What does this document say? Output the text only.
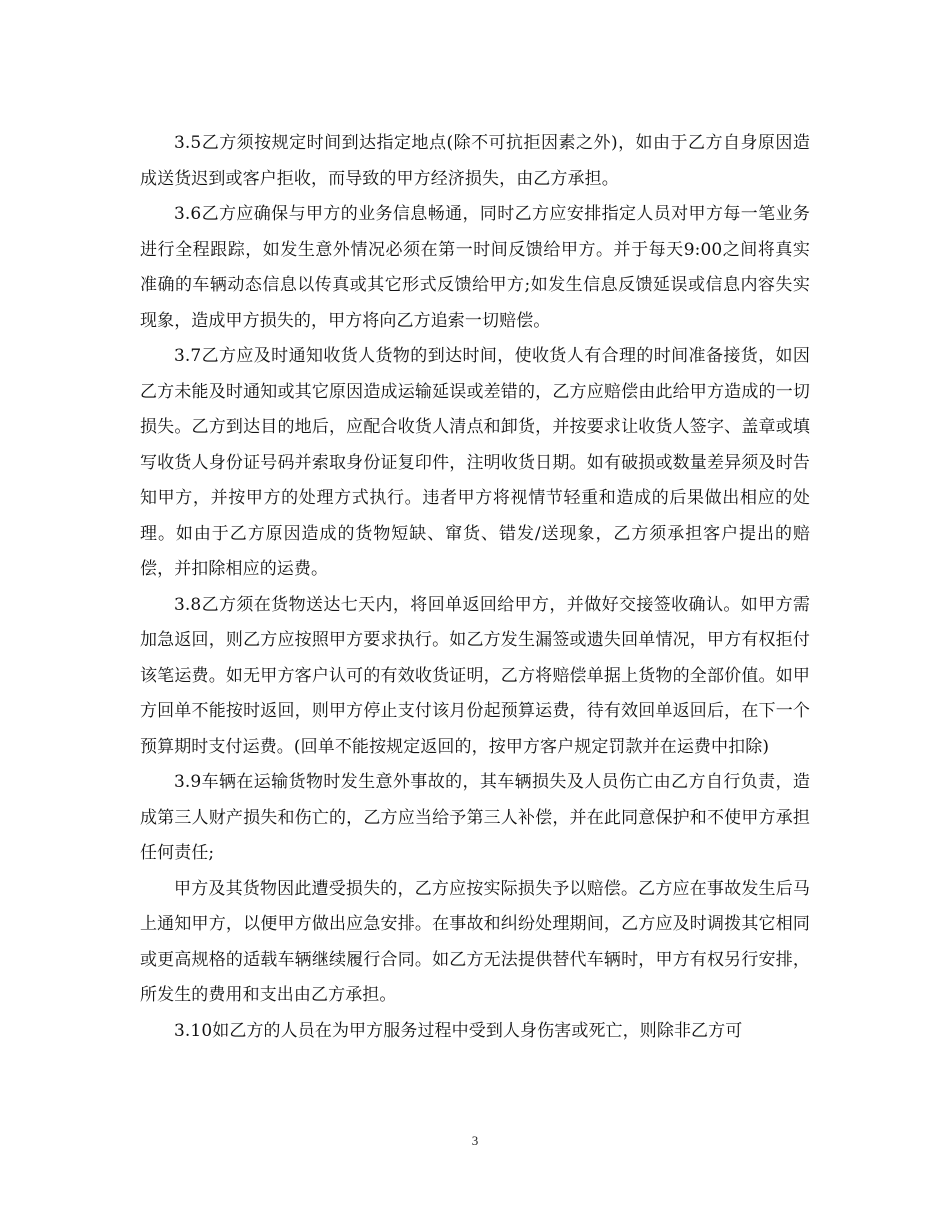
3.5乙方须按规定时间到达指定地点(除不可抗拒因素之外)，如由于乙方自身原因造成送货迟到或客户拒收，而导致的甲方经济损失，由乙方承担。

3.6乙方应确保与甲方的业务信息畅通，同时乙方应安排指定人员对甲方每一笔业务进行全程跟踪，如发生意外情况必须在第一时间反馈给甲方。并于每天9:00之间将真实准确的车辆动态信息以传真或其它形式反馈给甲方;如发生信息反馈延误或信息内容失实现象，造成甲方损失的，甲方将向乙方追索一切赔偿。

3.7乙方应及时通知收货人货物的到达时间，使收货人有合理的时间准备接货，如因乙方未能及时通知或其它原因造成运输延误或差错的，乙方应赔偿由此给甲方造成的一切损失。乙方到达目的地后，应配合收货人清点和卸货，并按要求让收货人签字、盖章或填写收货人身份证号码并索取身份证复印件，注明收货日期。如有破损或数量差异须及时告知甲方，并按甲方的处理方式执行。违者甲方将视情节轻重和造成的后果做出相应的处理。如由于乙方原因造成的货物短缺、窜货、错发/送现象，乙方须承担客户提出的赔偿，并扣除相应的运费。

3.8乙方须在货物送达七天内，将回单返回给甲方，并做好交接签收确认。如甲方需加急返回，则乙方应按照甲方要求执行。如乙方发生漏签或遗失回单情况，甲方有权拒付该笔运费。如无甲方客户认可的有效收货证明，乙方将赔偿单据上货物的全部价值。如甲方回单不能按时返回，则甲方停止支付该月份起预算运费，待有效回单返回后，在下一个预算期时支付运费。(回单不能按规定返回的，按甲方客户规定罚款并在运费中扣除)

3.9车辆在运输货物时发生意外事故的，其车辆损失及人员伤亡由乙方自行负责，造成第三人财产损失和伤亡的，乙方应当给予第三人补偿，并在此同意保护和不使甲方承担任何责任;

甲方及其货物因此遭受损失的，乙方应按实际损失予以赔偿。乙方应在事故发生后马上通知甲方，以便甲方做出应急安排。在事故和纠纷处理期间，乙方应及时调拨其它相同或更高规格的适载车辆继续履行合同。如乙方无法提供替代车辆时，甲方有权另行安排，所发生的费用和支出由乙方承担。

3.10如乙方的人员在为甲方服务过程中受到人身伤害或死亡，则除非乙方可

3
